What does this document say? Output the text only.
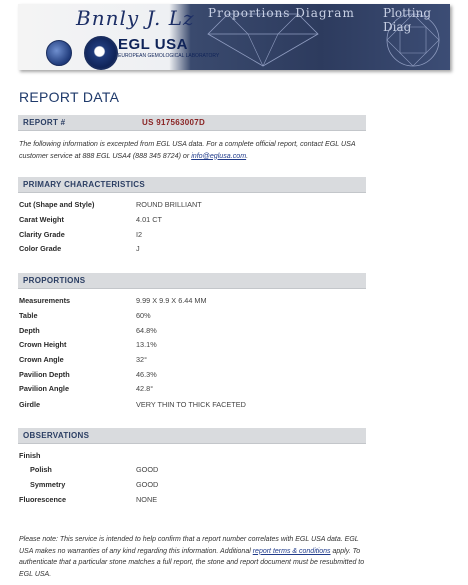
Bnnly J. Lz
EGL USA
EUROPEAN GEMOLOGICAL LABORATORY
Proportions Diagram Plotting Diag
REPORT DATA
REPORT #	US 917563007D
The following information is excerpted from EGL USA data. For a complete official report, contact EGL USA customer service at 888 EGL USA4 (888 345 8724) or info@eglusa.com.
PRIMARY CHARACTERISTICS
Cut (Shape and Style)	ROUND BRILLIANT
Carat Weight	4.01 CT
Clarity Grade	I2
Color Grade	J
PROPORTIONS
Measurements	9.99 X 9.9 X 6.44 MM
Table	60%
Depth	64.8%
Crown Height	13.1%
Crown Angle	32°
Pavilion Depth	46.3%
Pavilion Angle	42.8°
Girdle	VERY THIN TO THICK FACETED
OBSERVATIONS
Finish
Polish	GOOD
Symmetry	GOOD
Fluorescence	NONE
Please note: This service is intended to help confirm that a report number correlates with EGL USA data. EGL USA makes no warranties of any kind regarding this information. Additional report terms & conditions apply. To authenticate that a particular stone matches a full report, the stone and report document must be resubmitted to EGL USA.
